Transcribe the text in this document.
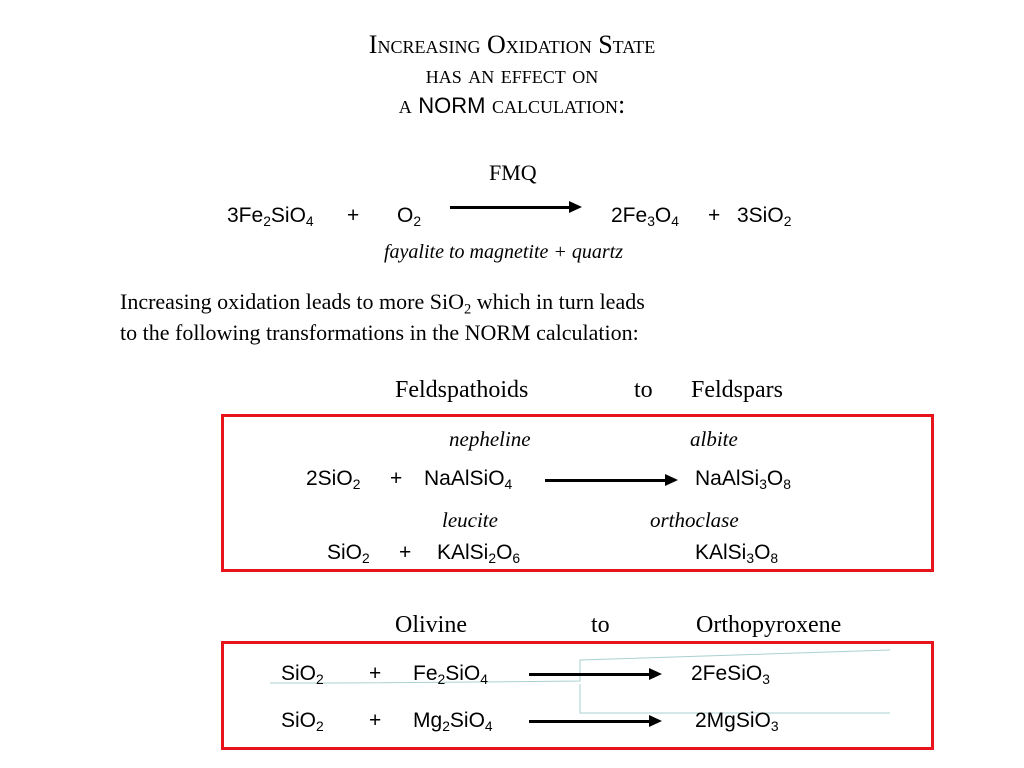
Increasing Oxidation State
has an effect on
a NORM calculation:
FMQ
$3Fe_2SiO_4 + O_2$	$2Fe_3O_4 + 3SiO_2$
fayalite to magnetite + quartz
Increasing oxidation leads to more SiO$_2$ which in turn leads
to the following transformations in the NORM calculation:
Feldspathoids	to Feldspars
nepheline	albite
2SiO$_2$ + NaAlSiO$_4$	$NaAlSi_3O_8$
leucite	orthoclase
$SiO_2 + KAlSi_2O_6$	$KAlSi_3O_8$
Olivine	to	Orthopyroxene
$SiO_2 + Fe_2SiO_4$	2FeSiO$_3$
$SiO_2 + Mg_2SiO_4$	2MgSiO$_3$
